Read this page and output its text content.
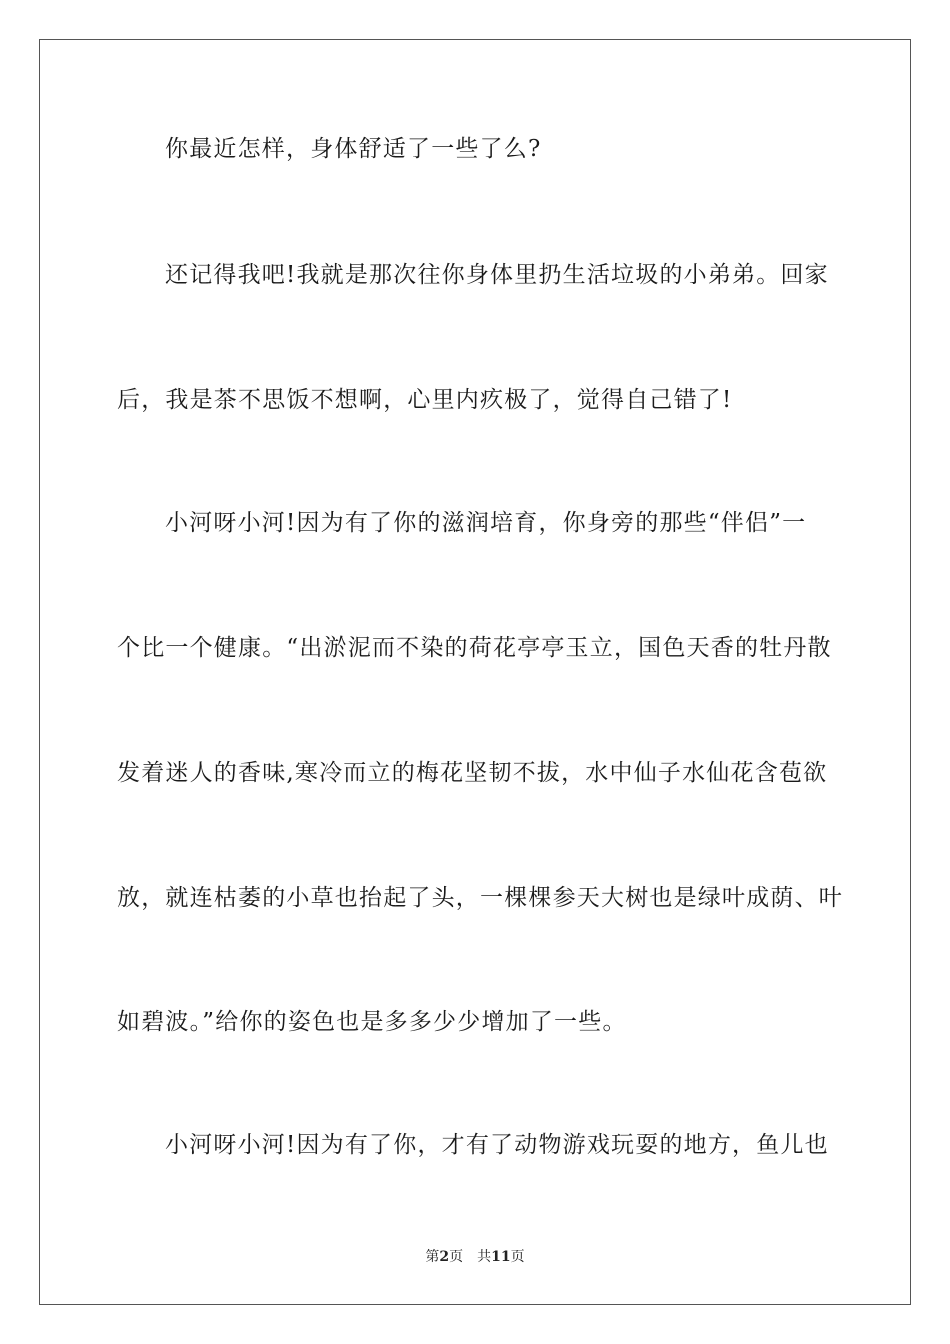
你最近怎样，身体舒适了一些了么?
还记得我吧!我就是那次往你身体里扔生活垃圾的小弟弟。回家
后，我是茶不思饭不想啊，心里内疚极了，觉得自己错了!
小河呀小河!因为有了你的滋润培育，你身旁的那些“伴侣”一
个比一个健康。“出淤泥而不染的荷花亭亭玉立，国色天香的牡丹散
发着迷人的香味,寒冷而立的梅花坚韧不拔，水中仙子水仙花含苞欲
放，就连枯萎的小草也抬起了头，一棵棵参天大树也是绿叶成荫、叶
如碧波。”给你的姿色也是多多少少增加了一些。
小河呀小河!因为有了你，才有了动物游戏玩耍的地方，鱼儿也
第2页 共11页
